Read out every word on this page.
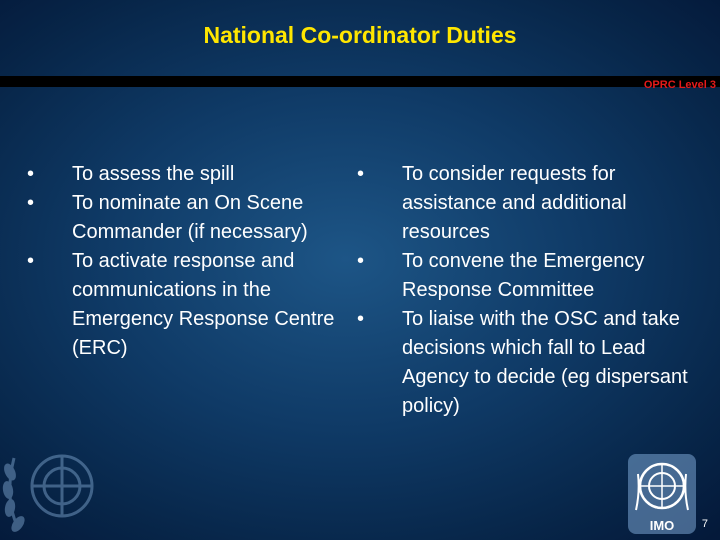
National Co-ordinator Duties
OPRC Level 3
• To assess the spill
• To nominate an On Scene Commander (if necessary)
• To activate response and communications in the Emergency Response Centre (ERC)
• To consider requests for assistance and additional resources
• To convene the Emergency Response Committee
• To liaise with the OSC and take decisions which fall to Lead Agency to decide (eg dispersant policy)
IMO	7
